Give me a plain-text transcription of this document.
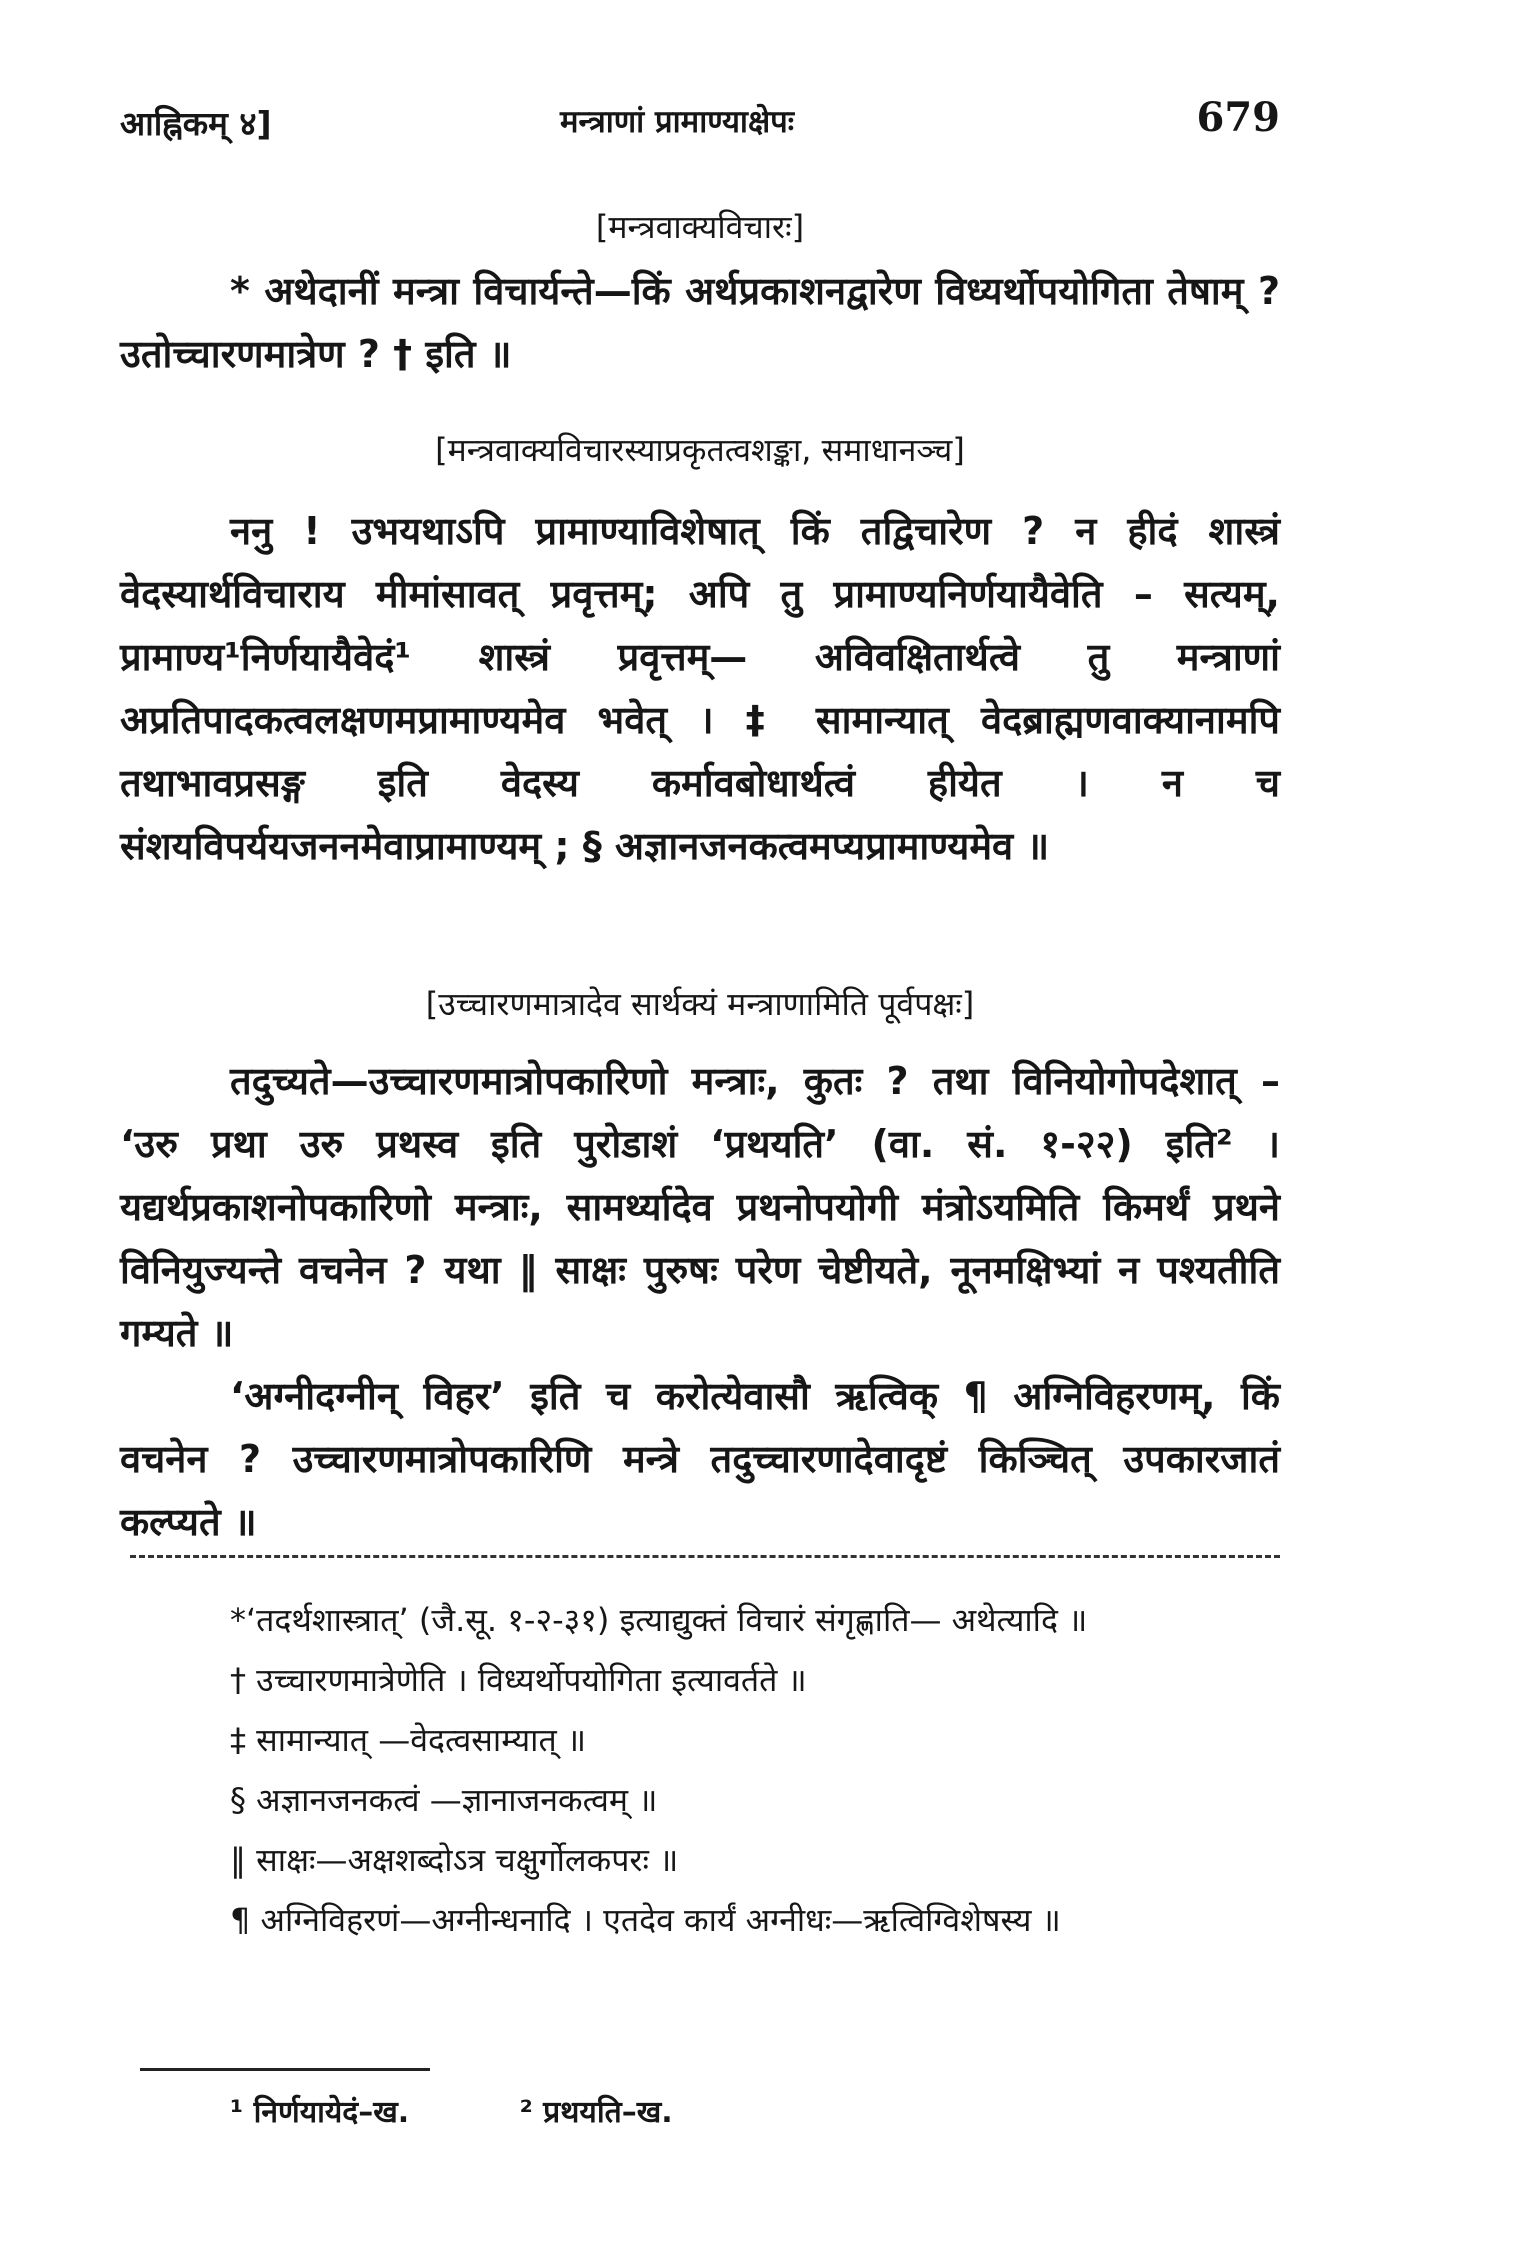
आह्निकम् ४]	मन्त्राणां प्रामाण्याक्षेपः	679
[मन्त्रवाक्यविचारः]

* अथेदानीं मन्त्रा विचार्यन्ते—किं अर्थप्रकाशनद्वारेण विध्यर्थोपयोगिता तेषाम् ? उतोच्चारणमात्रेण ? † इति ॥

[मन्त्रवाक्यविचारस्याप्रकृतत्वशङ्का, समाधानञ्च]

ननु ! उभयथाऽपि प्रामाण्याविशेषात् किं तद्विचारेण ? न हीदं शास्त्रं वेदस्यार्थविचाराय मीमांसावत् प्रवृत्तम्; अपि तु प्रामाण्यनिर्णयायैवेति – सत्यम्, प्रामाण्य¹निर्णयायैवेदं¹ शास्त्रं प्रवृत्तम्— अविवक्षितार्थत्वे तु मन्त्राणां अप्रतिपादकत्वलक्षणमप्रामाण्यमेव भवेत् । ‡ सामान्यात् वेदब्राह्मणवाक्यानामपि तथाभावप्रसङ्ग इति वेदस्य कर्मावबोधार्थत्वं हीयेत । न च संशयविपर्ययजननमेवाप्रामाण्यम् ; § अज्ञानजनकत्वमप्यप्रामाण्यमेव ॥

[उच्चारणमात्रादेव सार्थक्यं मन्त्राणामिति पूर्वपक्षः]

तदुच्यते—उच्चारणमात्रोपकारिणो मन्त्राः, कुतः ? तथा विनियोगोपदेशात् – ‘उरु प्रथा उरु प्रथस्व इति पुरोडाशं ‘प्रथयति’ (वा. सं. १-२२) इति² । यद्यर्थप्रकाशनोपकारिणो मन्त्राः, सामर्थ्यादेव प्रथनोपयोगी मंत्रोऽयमिति किमर्थं प्रथने विनियुज्यन्ते वचनेन ? यथा ‖ साक्षः पुरुषः परेण चेष्टीयते, नूनमक्षिभ्यां न पश्यतीति गम्यते ॥

‘अग्नीदग्नीन् विहर’ इति च करोत्येवासौ ऋत्विक् ¶ अग्निविहरणम्, किं वचनेन ? उच्चारणमात्रोपकारिणि मन्त्रे तदुच्चारणादेवादृष्टं किञ्चित् उपकारजातं कल्प्यते ॥

*‘तदर्थशास्त्रात्’ (जै.सू. १-२-३१) इत्याद्युक्तं विचारं संगृह्णाति— अथेत्यादि ॥

† उच्चारणमात्रेणेति । विध्यर्थोपयोगिता इत्यावर्तते ॥

‡ सामान्यात् —वेदत्वसाम्यात् ॥

§ अज्ञानजनकत्वं —ज्ञानाजनकत्वम् ॥

‖ साक्षः—अक्षशब्दोऽत्र चक्षुर्गोलकपरः ॥

¶ अग्निविहरणं—अग्नीन्धनादि । एतदेव कार्यं अग्नीधः—ऋत्विग्विशेषस्य ॥

¹ निर्णयायेदं–ख.	² प्रथयति–ख.
